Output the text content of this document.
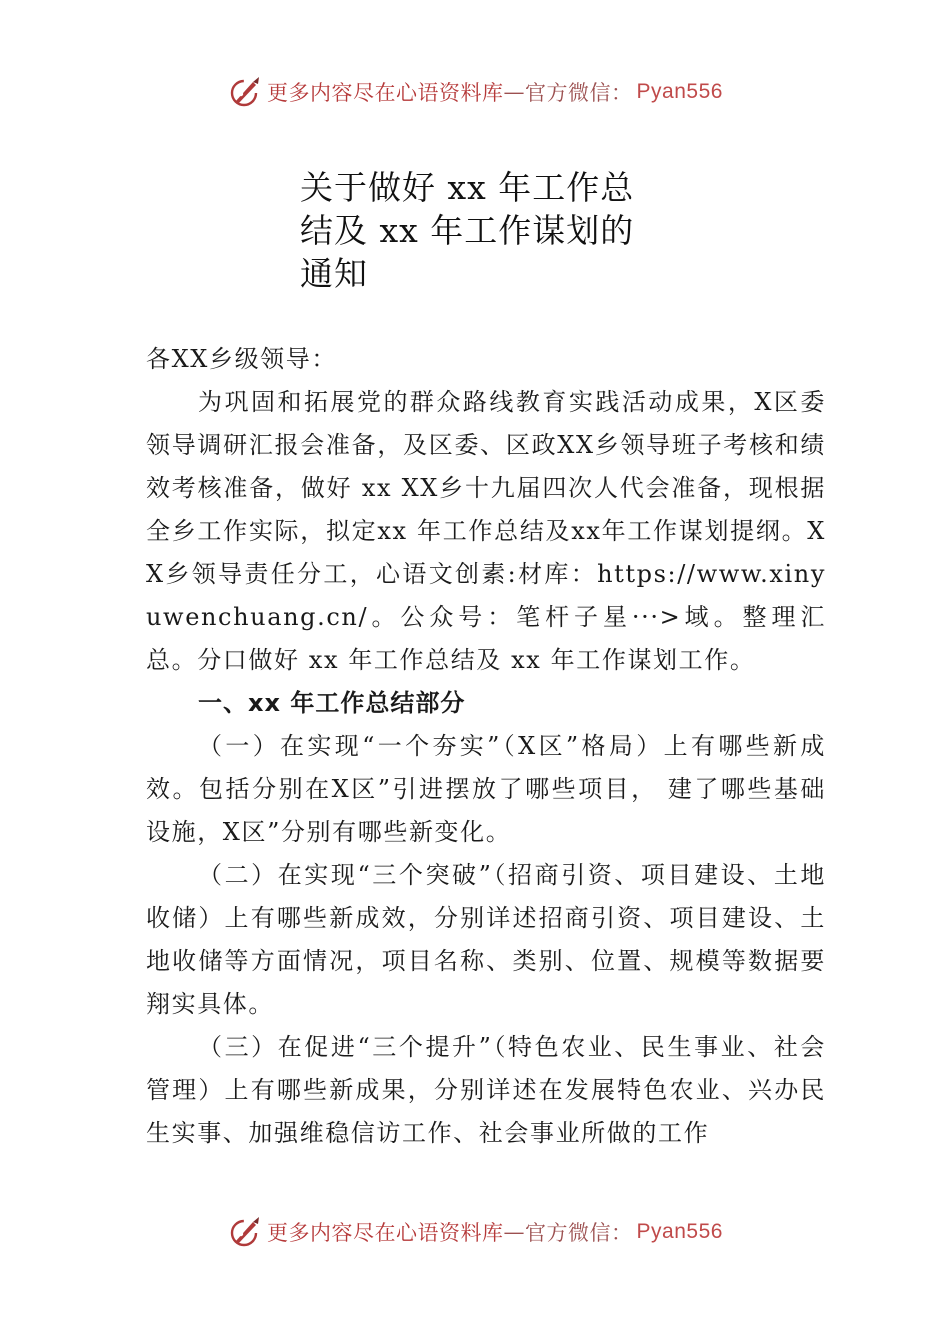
更多内容尽在心语资料库 — 官方微信： Pyan556
关于做好 xx 年工作总
结及 xx 年工作谋划的
通知

各XX乡级领导：

为巩固和拓展党的群众路线教育实践活动成果，X区委领导调研汇报会准备，及区委、区政XX乡领导班子考核和绩效考核准备，做好 xx XX乡十九届四次人代会准备，现根据全乡工作实际，拟定xx 年工作总结及xx年工作谋划提纲。XX乡领导责任分工，心语文创素:材库：https://www.xinyuwenchuang.cn/。公众号：笔杆子星···>域。整理汇总。分口做好 xx 年工作总结及 xx 年工作谋划工作。

一、xx 年工作总结部分

（一）在实现“一个夯实”（X区”格局）上有哪些新成效。包括分别在X区”引进摆放了哪些项目， 建了哪些基础设施，X区”分别有哪些新变化。

（二）在实现“三个突破”（招商引资、项目建设、土地收储）上有哪些新成效，分别详述招商引资、项目建设、土地收储等方面情况，项目名称、类别、位置、规模等数据要翔实具体。

（三）在促进“三个提升”（特色农业、民生事业、社会管理）上有哪些新成果，分别详述在发展特色农业、兴办民生实事、加强维稳信访工作、社会事业所做的工作

更多内容尽在心语资料库 — 官方微信： Pyan556
